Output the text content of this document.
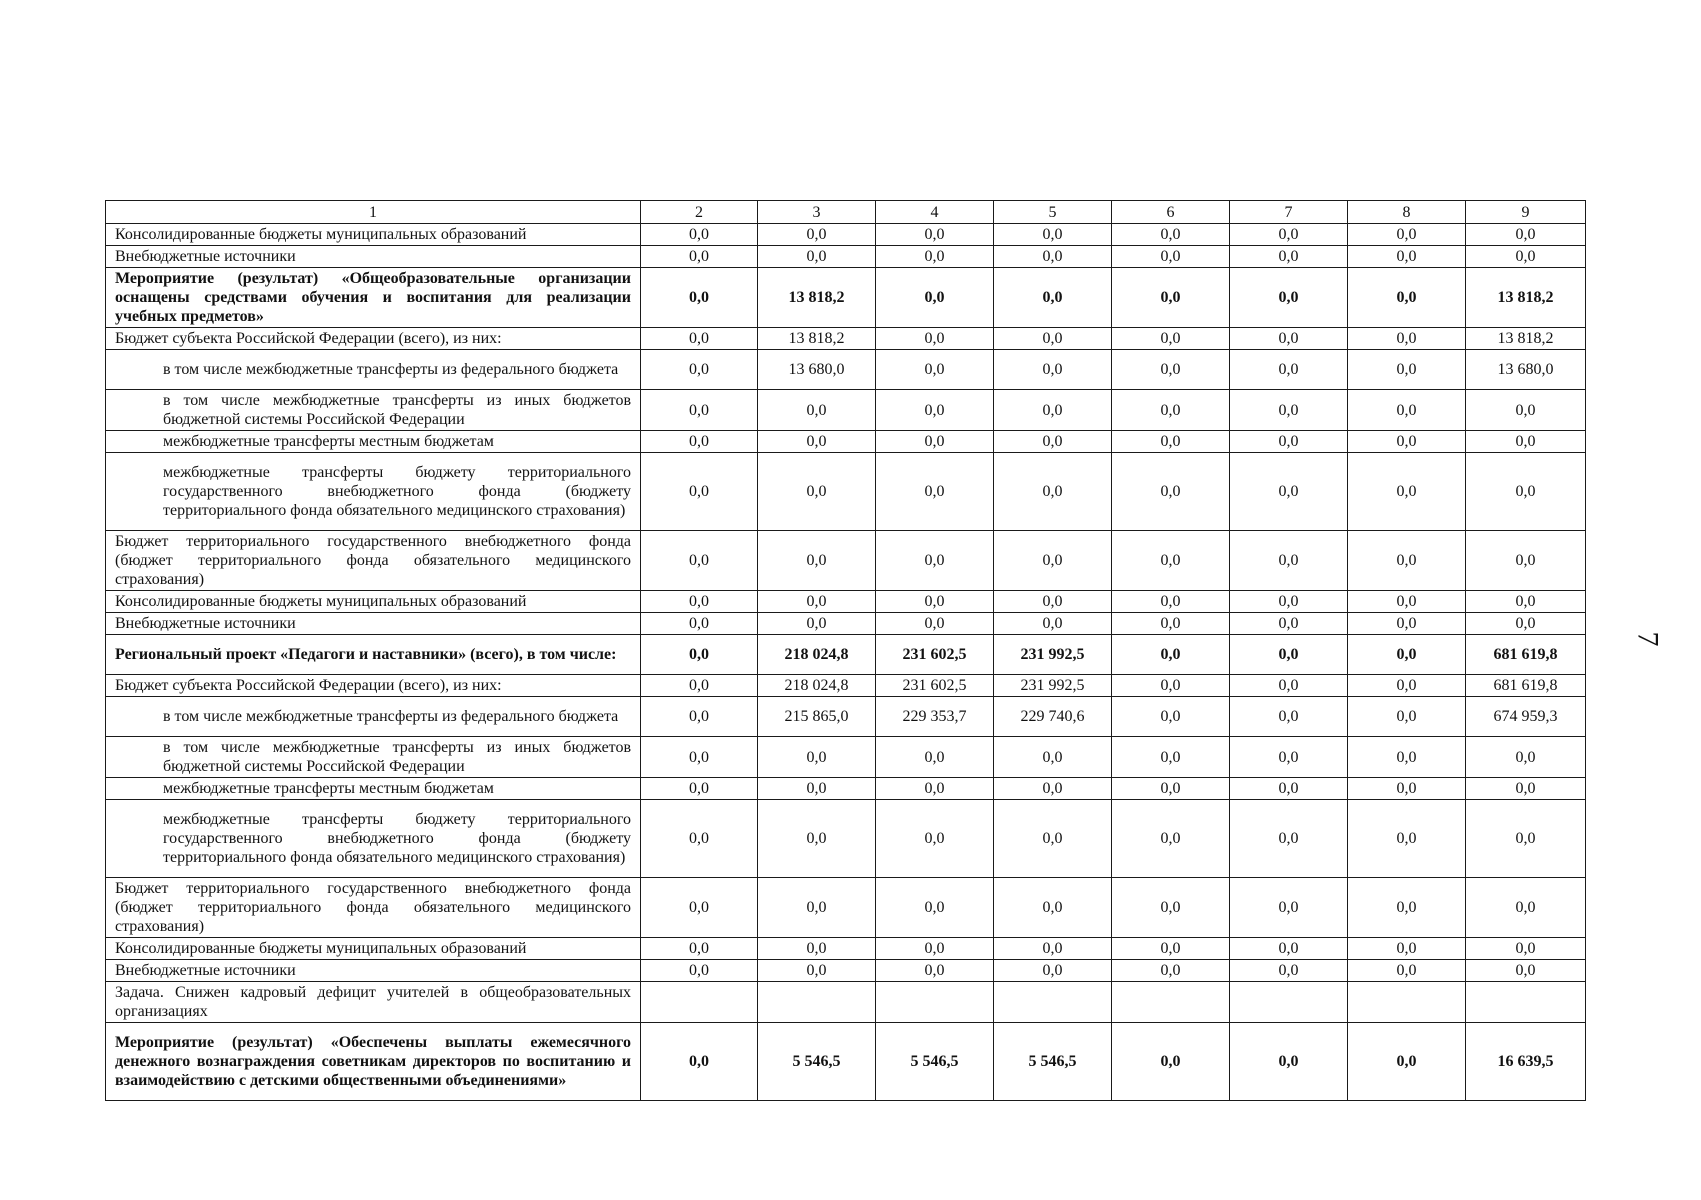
7
1	2	3	4	5	6	7	8	9
Консолидированные бюджеты муниципальных образований	0,0	0,0	0,0	0,0	0,0	0,0	0,0	0,0
Внебюджетные источники	0,0	0,0	0,0	0,0	0,0	0,0	0,0	0,0
Мероприятие (результат) «Общеобразовательные организации оснащены средствами обучения и воспитания для реализации учебных предметов»	0,0	13 818,2	0,0	0,0	0,0	0,0	0,0	13 818,2
Бюджет субъекта Российской Федерации (всего), из них:	0,0	13 818,2	0,0	0,0	0,0	0,0	0,0	13 818,2
в том числе межбюджетные трансферты из федерального бюджета	0,0	13 680,0	0,0	0,0	0,0	0,0	0,0	13 680,0
в том числе межбюджетные трансферты из иных бюджетов бюджетной системы Российской Федерации	0,0	0,0	0,0	0,0	0,0	0,0	0,0	0,0
межбюджетные трансферты местным бюджетам	0,0	0,0	0,0	0,0	0,0	0,0	0,0	0,0
межбюджетные трансферты бюджету территориального государственного внебюджетного фонда (бюджету территориального фонда обязательного медицинского страхования)	0,0	0,0	0,0	0,0	0,0	0,0	0,0	0,0
Бюджет территориального государственного внебюджетного фонда (бюджет территориального фонда обязательного медицинского страхования)	0,0	0,0	0,0	0,0	0,0	0,0	0,0	0,0
Консолидированные бюджеты муниципальных образований	0,0	0,0	0,0	0,0	0,0	0,0	0,0	0,0
Внебюджетные источники	0,0	0,0	0,0	0,0	0,0	0,0	0,0	0,0
Региональный проект «Педагоги и наставники» (всего), в том числе:	0,0	218 024,8	231 602,5	231 992,5	0,0	0,0	0,0	681 619,8
Бюджет субъекта Российской Федерации (всего), из них:	0,0	218 024,8	231 602,5	231 992,5	0,0	0,0	0,0	681 619,8
в том числе межбюджетные трансферты из федерального бюджета	0,0	215 865,0	229 353,7	229 740,6	0,0	0,0	0,0	674 959,3
в том числе межбюджетные трансферты из иных бюджетов бюджетной системы Российской Федерации	0,0	0,0	0,0	0,0	0,0	0,0	0,0	0,0
межбюджетные трансферты местным бюджетам	0,0	0,0	0,0	0,0	0,0	0,0	0,0	0,0
межбюджетные трансферты бюджету территориального государственного внебюджетного фонда (бюджету территориального фонда обязательного медицинского страхования)	0,0	0,0	0,0	0,0	0,0	0,0	0,0	0,0
Бюджет территориального государственного внебюджетного фонда (бюджет территориального фонда обязательного медицинского страхования)	0,0	0,0	0,0	0,0	0,0	0,0	0,0	0,0
Консолидированные бюджеты муниципальных образований	0,0	0,0	0,0	0,0	0,0	0,0	0,0	0,0
Внебюджетные источники	0,0	0,0	0,0	0,0	0,0	0,0	0,0	0,0
Задача. Снижен кадровый дефицит учителей в общеобразовательных организациях								
Мероприятие (результат) «Обеспечены выплаты ежемесячного денежного вознаграждения советникам директоров по воспитанию и взаимодействию с детскими общественными объединениями»	0,0	5 546,5	5 546,5	5 546,5	0,0	0,0	0,0	16 639,5
